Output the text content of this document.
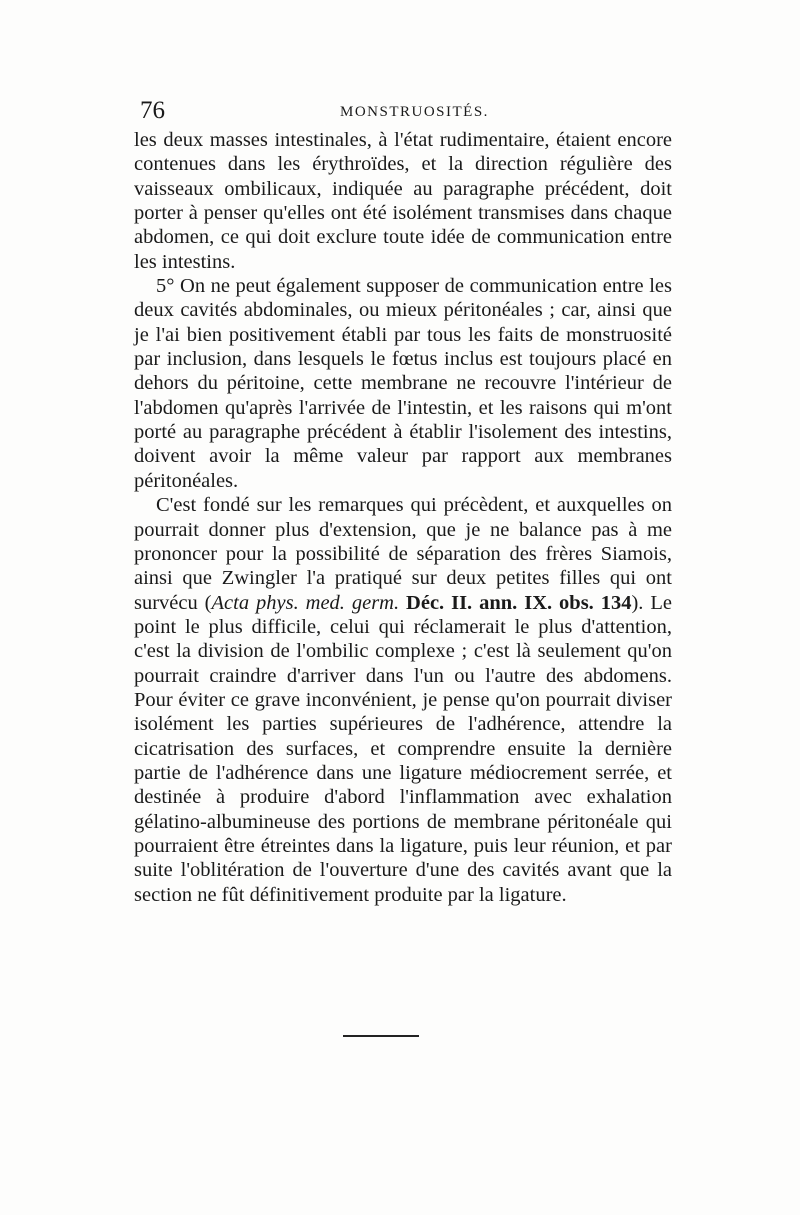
76	MONSTRUOSITÉS.

les deux masses intestinales, à l'état rudimentaire, étaient encore contenues dans les érythroïdes, et la direction régulière des vaisseaux ombilicaux, indiquée au paragraphe précédent, doit porter à penser qu'elles ont été isolément transmises dans chaque abdomen, ce qui doit exclure toute idée de communication entre les intestins.

5° On ne peut également supposer de communication entre les deux cavités abdominales, ou mieux péritonéales ; car, ainsi que je l'ai bien positivement établi par tous les faits de monstruosité par inclusion, dans lesquels le fœtus inclus est toujours placé en dehors du péritoine, cette membrane ne recouvre l'intérieur de l'abdomen qu'après l'arrivée de l'intestin, et les raisons qui m'ont porté au paragraphe précédent à établir l'isolement des intestins, doivent avoir la même valeur par rapport aux membranes péritonéales.

C'est fondé sur les remarques qui précèdent, et auxquelles on pourrait donner plus d'extension, que je ne balance pas à me prononcer pour la possibilité de séparation des frères Siamois, ainsi que Zwingler l'a pratiqué sur deux petites filles qui ont survécu (Acta phys. med. germ. Déc. II. ann. IX. obs. 134). Le point le plus difficile, celui qui réclamerait le plus d'attention, c'est la division de l'ombilic complexe ; c'est là seulement qu'on pourrait craindre d'arriver dans l'un ou l'autre des abdomens. Pour éviter ce grave inconvénient, je pense qu'on pourrait diviser isolément les parties supérieures de l'adhérence, attendre la cicatrisation des surfaces, et comprendre ensuite la dernière partie de l'adhérence dans une ligature médiocrement serrée, et destinée à produire d'abord l'inflammation avec exhalation gélatino-albumineuse des portions de membrane péritonéale qui pourraient être étreintes dans la ligature, puis leur réunion, et par suite l'oblitération de l'ouverture d'une des cavités avant que la section ne fût définitivement produite par la ligature.
